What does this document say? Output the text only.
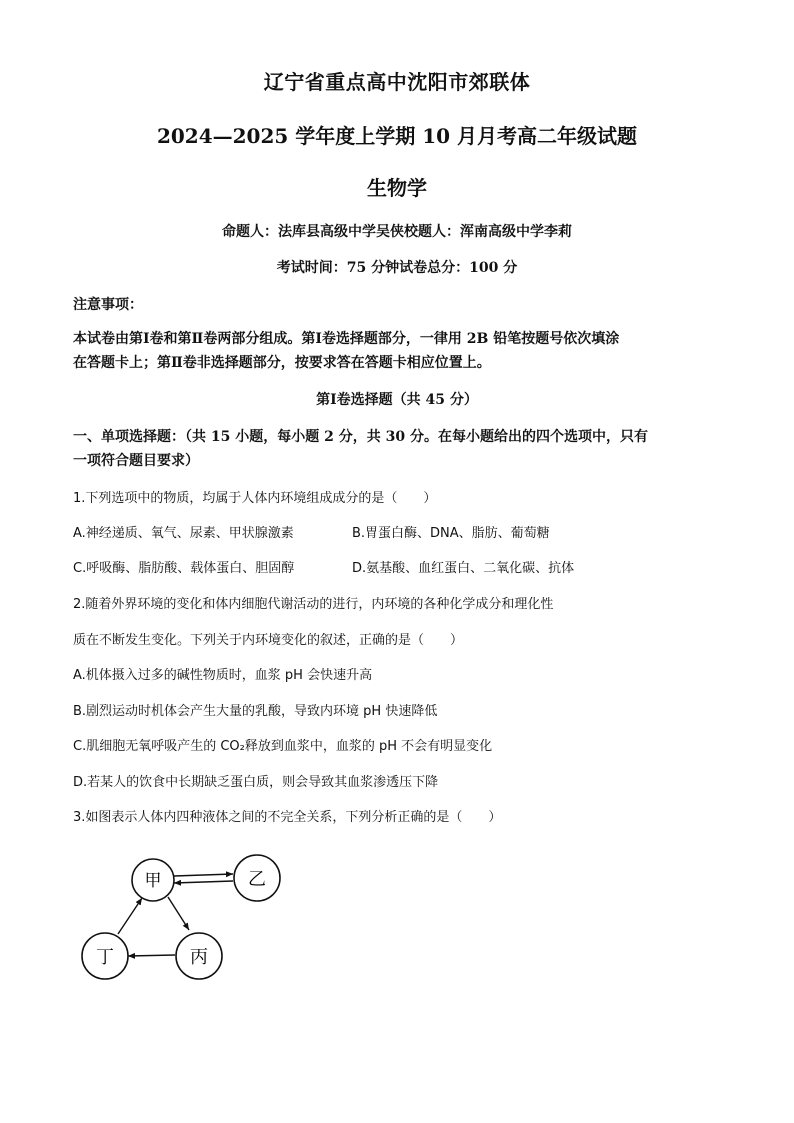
辽宁省重点高中沈阳市郊联体
2024—2025 学年度上学期 10 月月考高二年级试题
生物学
命题人：法库县高级中学吴侠校题人：浑南高级中学李莉
考试时间：75 分钟试卷总分：100 分
注意事项：
本试卷由第Ⅰ卷和第Ⅱ卷两部分组成。第Ⅰ卷选择题部分，一律用 2B 铅笔按题号依次填涂
在答题卡上；第Ⅱ卷非选择题部分，按要求答在答题卡相应位置上。
第Ⅰ卷选择题（共 45 分）
一、单项选择题：（共 15 小题，每小题 2 分，共 30 分。在每小题给出的四个选项中，只有
一项符合题目要求）
1.下列选项中的物质，均属于人体内环境组成成分的是（　　）
A.神经递质、氧气、尿素、甲状腺激素	B.胃蛋白酶、DNA、脂肪、葡萄糖
C.呼吸酶、脂肪酸、载体蛋白、胆固醇	D.氨基酸、血红蛋白、二氧化碳、抗体
2.随着外界环境的变化和体内细胞代谢活动的进行，内环境的各种化学成分和理化性
质在不断发生变化。下列关于内环境变化的叙述，正确的是（　　）
A.机体摄入过多的碱性物质时，血浆 pH 会快速升高
B.剧烈运动时机体会产生大量的乳酸，导致内环境 pH 快速降低
C.肌细胞无氧呼吸产生的 CO₂释放到血浆中，血浆的 pH 不会有明显变化
D.若某人的饮食中长期缺乏蛋白质，则会导致其血浆渗透压下降
3.如图表示人体内四种液体之间的不完全关系，下列分析正确的是（　　）
甲	乙
丙
丁
